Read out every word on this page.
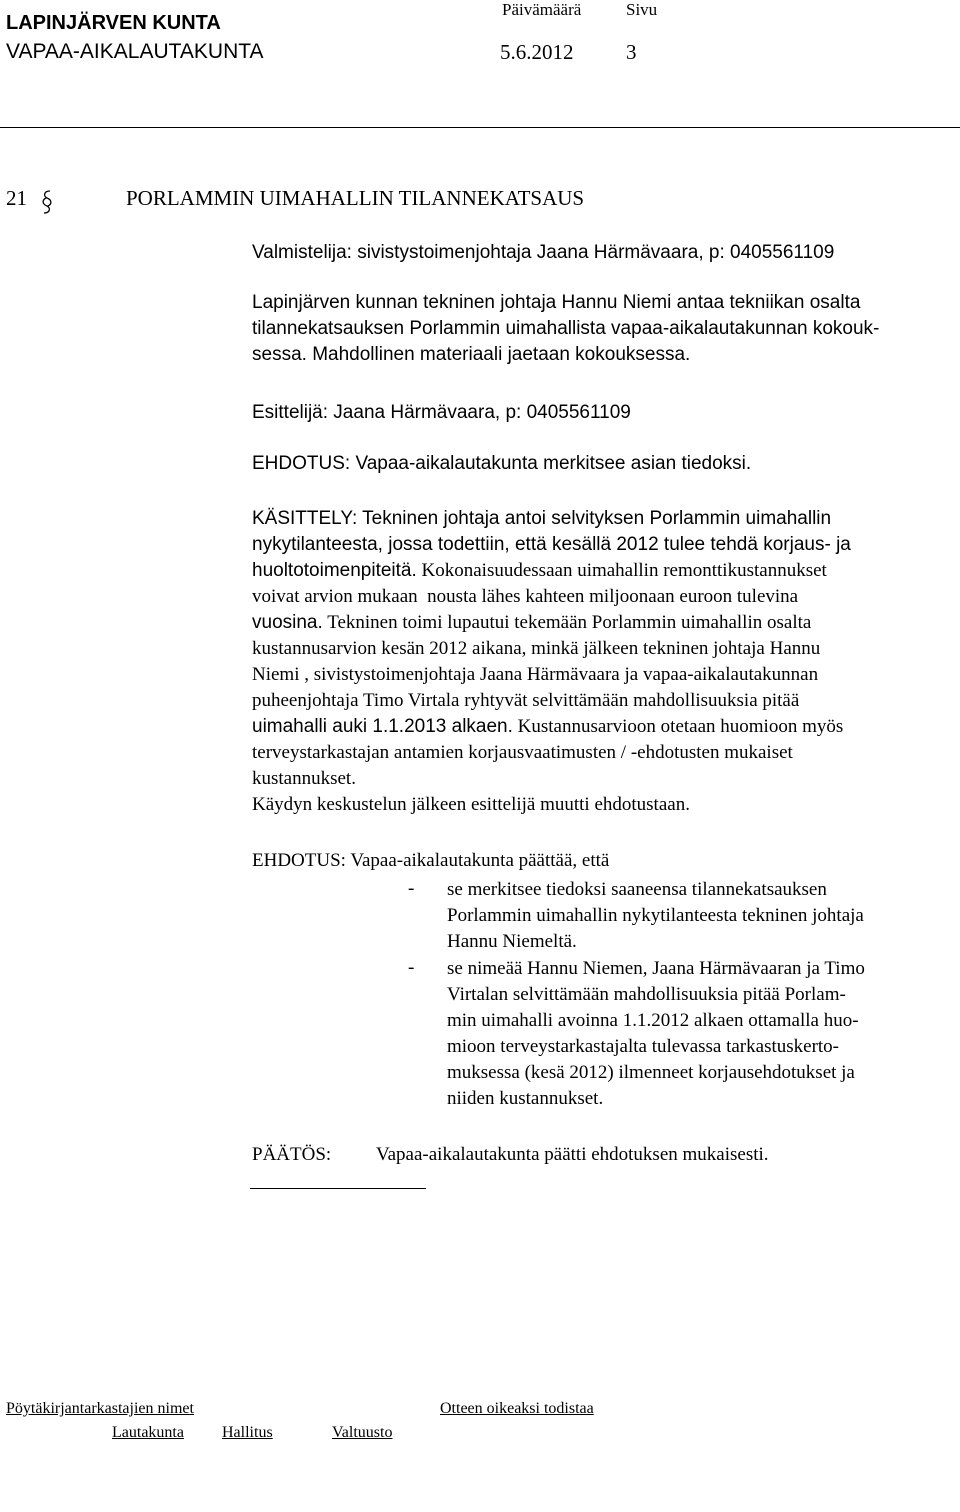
LAPINJÄRVEN KUNTA
VAPAA-AIKALAUTAKUNTA
Päivämäärä	Sivu
5.6.2012	3
21	PORLAMMIN UIMAHALLIN TILANNEKATSAUS
Valmistelija: sivistystoimenjohtaja Jaana Härmävaara, p: 0405561109
Lapinjärven kunnan tekninen johtaja Hannu Niemi antaa tekniikan osalta
tilannekatsauksen Porlammin uimahallista vapaa-aikalautakunnan kokouk-
sessa. Mahdollinen materiaali jaetaan kokouksessa.
Esittelijä: Jaana Härmävaara, p: 0405561109
EHDOTUS: Vapaa-aikalautakunta merkitsee asian tiedoksi.
KÄSITTELY: Tekninen johtaja antoi selvityksen Porlammin uimahallin
nykytilanteesta, jossa todettiin, että kesällä 2012 tulee tehdä korjaus- ja
huoltotoimenpiteitä. Kokonaisuudessaan uimahallin remonttikustannukset
voivat arvion mukaan  nousta lähes kahteen miljoonaan euroon tulevina
vuosina. Tekninen toimi lupautui tekemään Porlammin uimahallin osalta
kustannusarvion kesän 2012 aikana, minkä jälkeen tekninen johtaja Hannu
Niemi , sivistystoimenjohtaja Jaana Härmävaara ja vapaa-aikalautakunnan
puheenjohtaja Timo Virtala ryhtyvät selvittämään mahdollisuuksia pitää
uimahalli auki 1.1.2013 alkaen. Kustannusarvioon otetaan huomioon myös
terveystarkastajan antamien korjausvaatimusten / -ehdotusten mukaiset
kustannukset.
Käydyn keskustelun jälkeen esittelijä muutti ehdotustaan.
EHDOTUS: Vapaa-aikalautakunta päättää, että
- se merkitsee tiedoksi saaneensa tilannekatsauksen
Porlammin uimahallin nykytilanteesta tekninen johtaja
Hannu Niemeltä.
- se nimeää Hannu Niemen, Jaana Härmävaaran ja Timo
Virtalan selvittämään mahdollisuuksia pitää Porlam-
min uimahalli avoinna 1.1.2012 alkaen ottamalla huo-
mioon terveystarkastajalta tulevassa tarkastuskerto-
muksessa (kesä 2012) ilmenneet korjausehdotukset ja
niiden kustannukset.
PÄÄTÖS: Vapaa-aikalautakunta päätti ehdotuksen mukaisesti.
Pöytäkirjantarkastajien nimet	Otteen oikeaksi todistaa
Lautakunta Hallitus	Valtuusto
